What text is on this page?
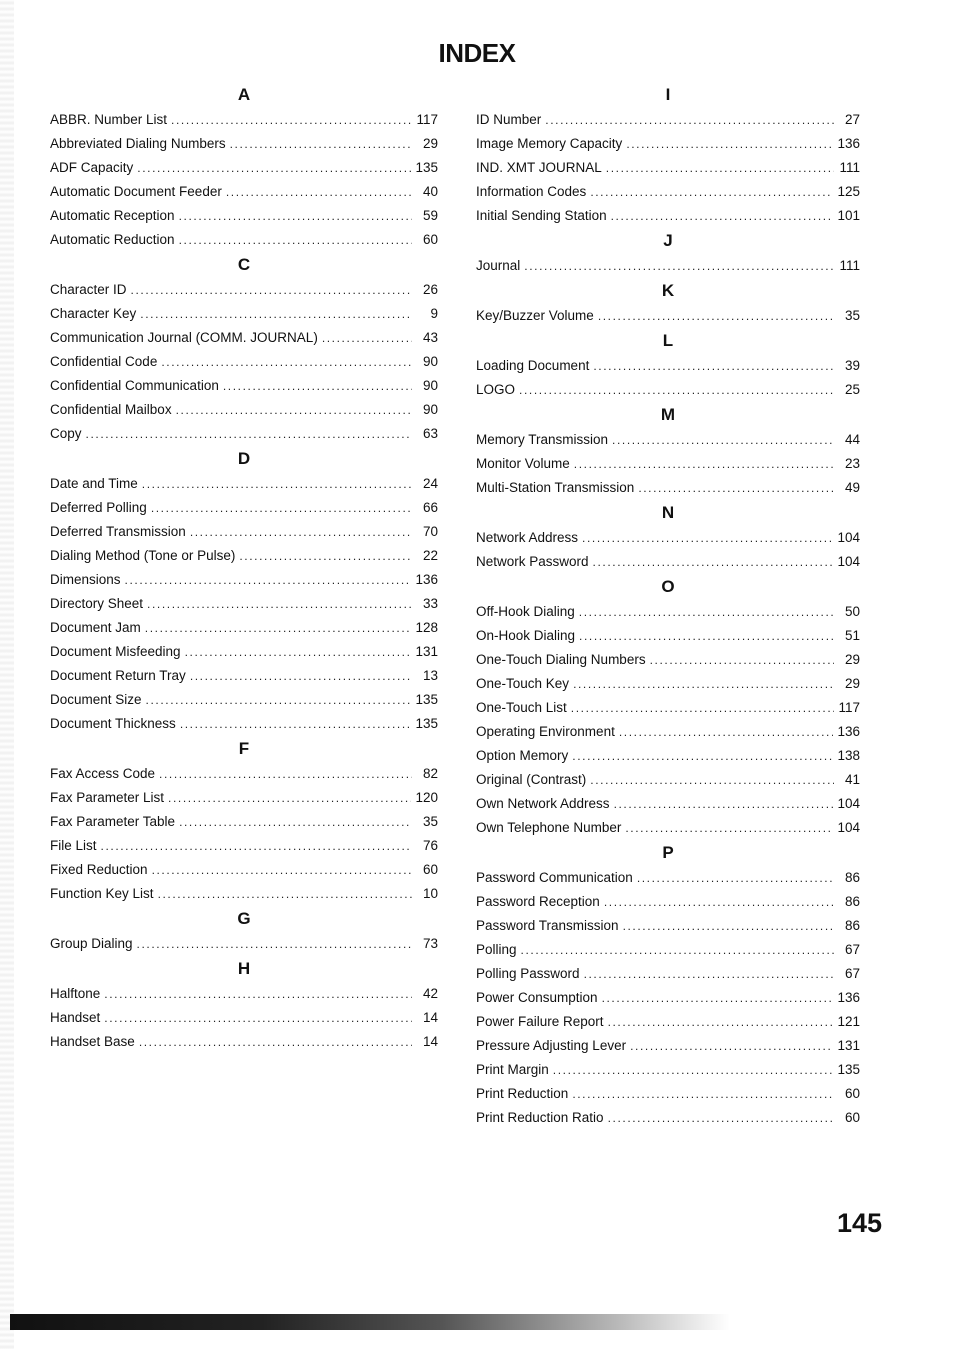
INDEX
A
ABBR. Number List .....	117
Abbreviated Dialing Numbers .....	29
ADF Capacity .....	135
Automatic Document Feeder .....	40
Automatic Reception .....	59
Automatic Reduction .....	60
C
Character ID .....	26
Character Key .....	9
Communication Journal (COMM. JOURNAL) .....	43
Confidential Code .....	90
Confidential Communication .....	90
Confidential Mailbox .....	90
Copy .....	63
D
Date and Time .....	24
Deferred Polling .....	66
Deferred Transmission .....	70
Dialing Method (Tone or Pulse) .....	22
Dimensions .....	136
Directory Sheet .....	33
Document Jam .....	128
Document Misfeeding .....	131
Document Return Tray .....	13
Document Size .....	135
Document Thickness .....	135
F
Fax Access Code .....	82
Fax Parameter List .....	120
Fax Parameter Table .....	35
File List .....	76
Fixed Reduction .....	60
Function Key List .....	10
G
Group Dialing .....	73
H
Halftone .....	42
Handset .....	14
Handset Base .....	14
I
ID Number .....	27
Image Memory Capacity .....	136
IND. XMT JOURNAL .....	111
Information Codes .....	125
Initial Sending Station .....	101
J
Journal .....	111
K
Key/Buzzer Volume .....	35
L
Loading Document .....	39
LOGO .....	25
M
Memory Transmission .....	44
Monitor Volume .....	23
Multi-Station Transmission .....	49
N
Network Address .....	104
Network Password .....	104
O
Off-Hook Dialing .....	50
On-Hook Dialing .....	51
One-Touch Dialing Numbers .....	29
One-Touch Key .....	29
One-Touch List .....	117
Operating Environment .....	136
Option Memory .....	138
Original (Contrast) .....	41
Own Network Address .....	104
Own Telephone Number .....	104
P
Password Communication .....	86
Password Reception .....	86
Password Transmission .....	86
Polling .....	67
Polling Password .....	67
Power Consumption .....	136
Power Failure Report .....	121
Pressure Adjusting Lever .....	131
Print Margin .....	135
Print Reduction .....	60
Print Reduction Ratio .....	60
145
